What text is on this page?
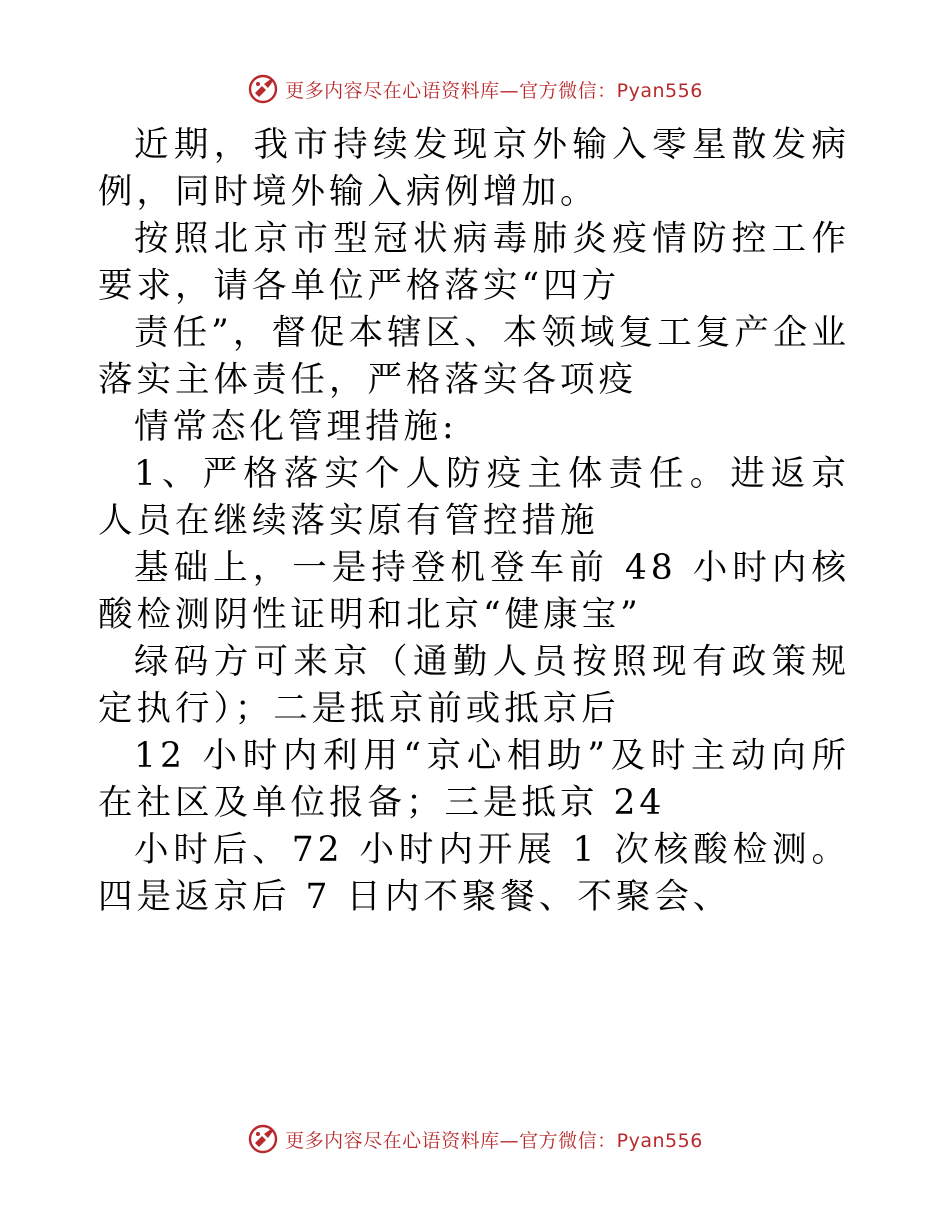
更多内容尽在心语资料库—官方微信：Pyan556

近期，我市持续发现京外输入零星散发病例，同时境外输入病例增加。

按照北京市型冠状病毒肺炎疫情防控工作要求，请各单位严格落实“四方

责任”，督促本辖区、本领域复工复产企业落实主体责任，严格落实各项疫

情常态化管理措施:

1、严格落实个人防疫主体责任。进返京人员在继续落实原有管控措施

基础上，一是持登机登车前 48 小时内核酸检测阴性证明和北京“健康宝”

绿码方可来京（通勤人员按照现有政策规定执行）；二是抵京前或抵京后

12 小时内利用“京心相助”及时主动向所在社区及单位报备；三是抵京 24

小时后、72 小时内开展 1 次核酸检测。四是返京后 7 日内不聚餐、不聚会、

更多内容尽在心语资料库—官方微信：Pyan556
